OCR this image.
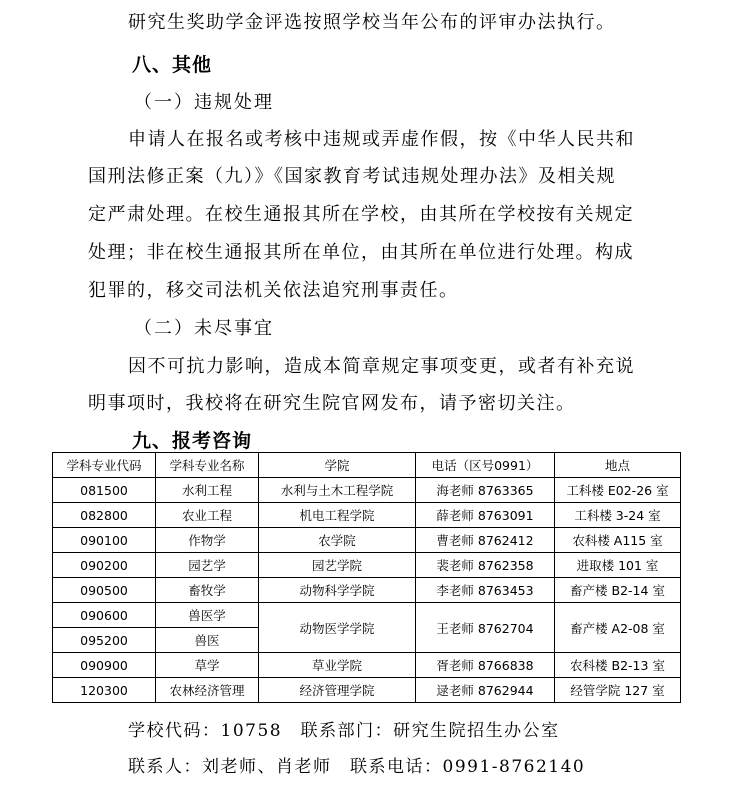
研究生奖助学金评选按照学校当年公布的评审办法执行。
八、其他
（一）违规处理
申请人在报名或考核中违规或弄虚作假，按《中华人民共和
国刑法修正案（九）》《国家教育考试违规处理办法》及相关规
定严肃处理。在校生通报其所在学校，由其所在学校按有关规定
处理；非在校生通报其所在单位，由其所在单位进行处理。构成
犯罪的，移交司法机关依法追究刑事责任。
（二）未尽事宜
因不可抗力影响，造成本简章规定事项变更，或者有补充说
明事项时，我校将在研究生院官网发布，请予密切关注。
九、报考咨询
学科专业代码	学科专业名称	学院	电话（区号0991）	地点
081500	水利工程	水利与土木工程学院	海老师 8763365	工科楼 E02-26 室
082800	农业工程	机电工程学院	薛老师 8763091	工科楼 3-24 室
090100	作物学	农学院	曹老师 8762412	农科楼 A115 室
090200	园艺学	园艺学院	裴老师 8762358	进取楼 101 室
090500	畜牧学	动物科学学院	李老师 8763453	畜产楼 B2-14 室
090600	兽医学	动物医学学院	王老师 8762704	畜产楼 A2-08 室
095200	兽医			
090900	草学	草业学院	胥老师 8766838	农科楼 B2-13 室
120300	农林经济管理	经济管理学院	逯老师 8762944	经管学院 127 室
学校代码：10758　联系部门：研究生院招生办公室
联系人：刘老师、肖老师　联系电话：0991-8762140
